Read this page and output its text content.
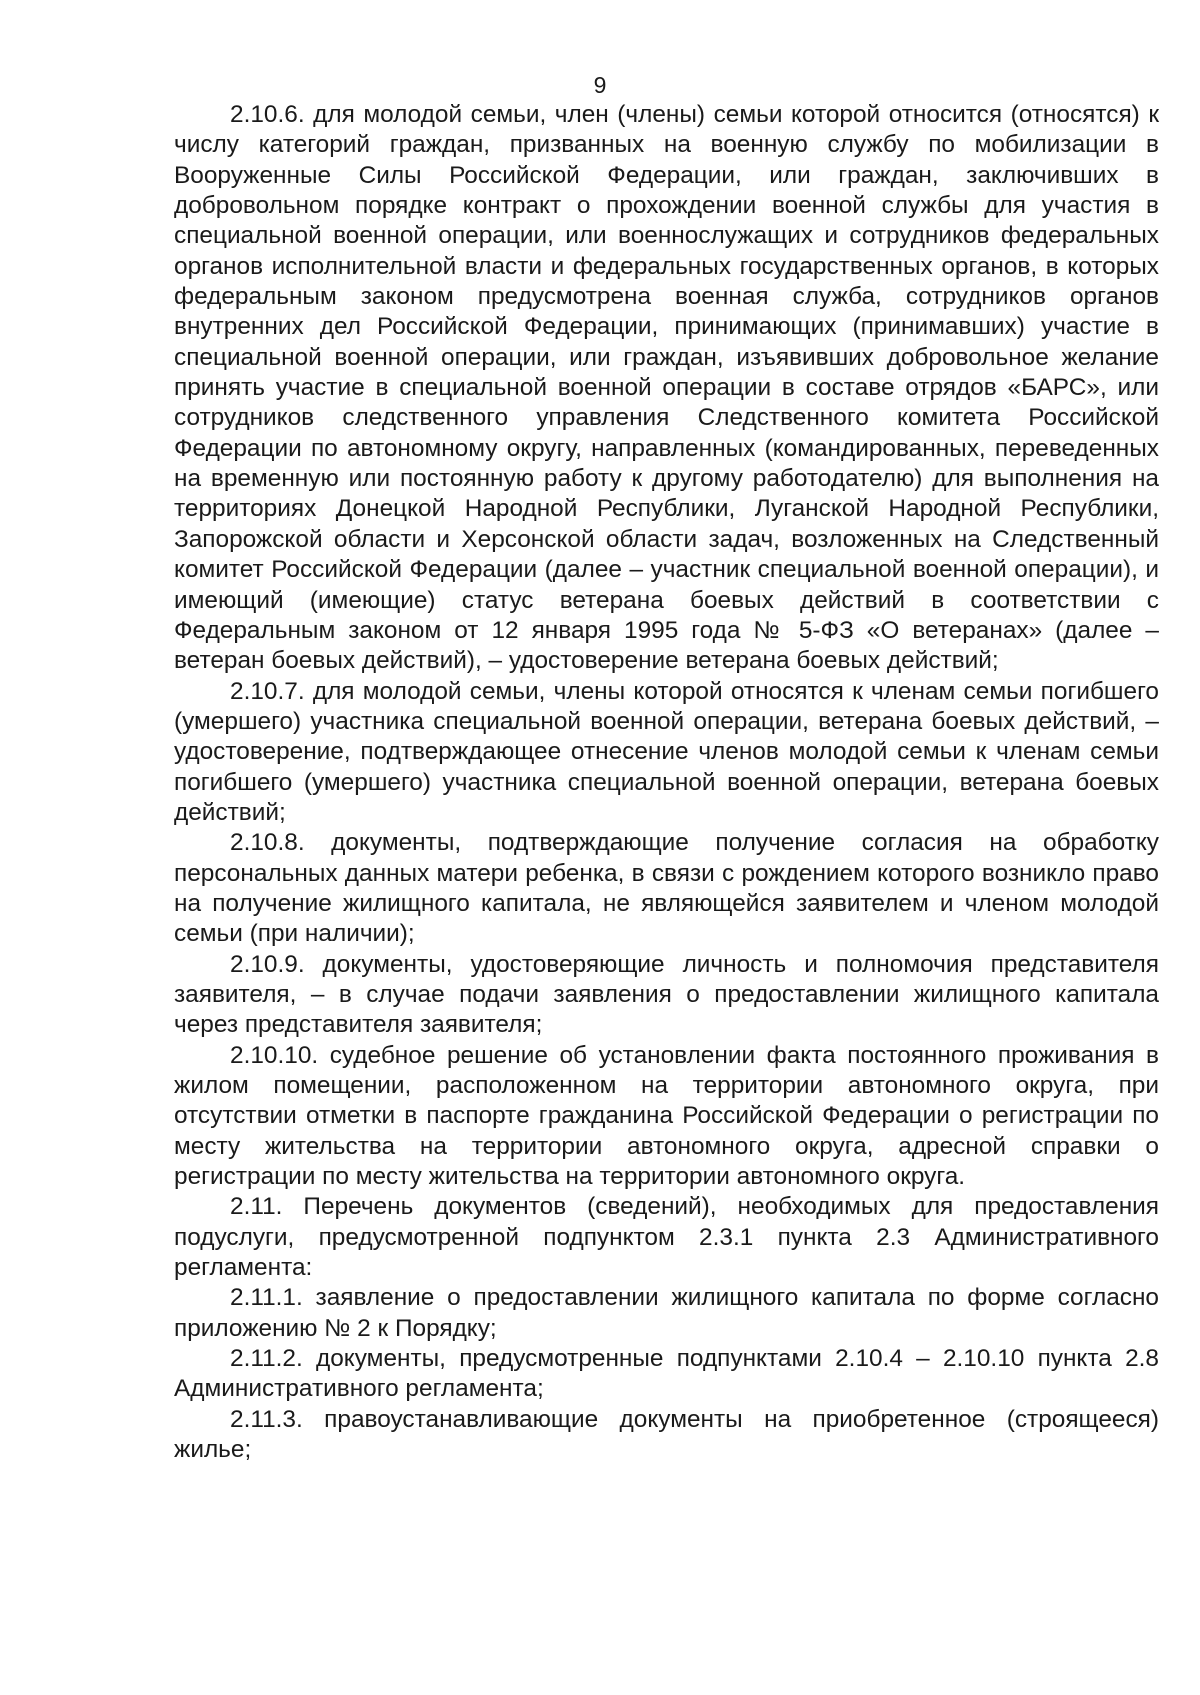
9

2.10.6. для молодой семьи, член (члены) семьи которой относится (относятся) к числу категорий граждан, призванных на военную службу по мобилизации в Вооруженные Силы Российской Федерации, или граждан, заключивших в добровольном порядке контракт о прохождении военной службы для участия в специальной военной операции, или военнослужащих и сотрудников федеральных органов исполнительной власти и федеральных государственных органов, в которых федеральным законом предусмотрена военная служба, сотрудников органов внутренних дел Российской Федерации, принимающих (принимавших) участие в специальной военной операции, или граждан, изъявивших добровольное желание принять участие в специальной военной операции в составе отрядов «БАРС», или сотрудников следственного управления Следственного комитета Российской Федерации по автономному округу, направленных (командированных, переведенных на временную или постоянную работу к другому работодателю) для выполнения на территориях Донецкой Народной Республики, Луганской Народной Республики, Запорожской области и Херсонской области задач, возложенных на Следственный комитет Российской Федерации (далее – участник специальной военной операции), и имеющий (имеющие) статус ветерана боевых действий в соответствии с Федеральным законом от 12 января 1995 года № 5-ФЗ «О ветеранах» (далее – ветеран боевых действий), – удостоверение ветерана боевых действий;

2.10.7. для молодой семьи, члены которой относятся к членам семьи погибшего (умершего) участника специальной военной операции, ветерана боевых действий, – удостоверение, подтверждающее отнесение членов молодой семьи к членам семьи погибшего (умершего) участника специальной военной операции, ветерана боевых действий;

2.10.8. документы, подтверждающие получение согласия на обработку персональных данных матери ребенка, в связи с рождением которого возникло право на получение жилищного капитала, не являющейся заявителем и членом молодой семьи (при наличии);

2.10.9. документы, удостоверяющие личность и полномочия представителя заявителя, – в случае подачи заявления о предоставлении жилищного капитала через представителя заявителя;

2.10.10. судебное решение об установлении факта постоянного проживания в жилом помещении, расположенном на территории автономного округа, при отсутствии отметки в паспорте гражданина Российской Федерации о регистрации по месту жительства на территории автономного округа, адресной справки о регистрации по месту жительства на территории автономного округа.

2.11. Перечень документов (сведений), необходимых для предоставления подуслуги, предусмотренной подпунктом 2.3.1 пункта 2.3 Административного регламента:

2.11.1. заявление о предоставлении жилищного капитала по форме согласно приложению № 2 к Порядку;

2.11.2. документы, предусмотренные подпунктами 2.10.4 – 2.10.10 пункта 2.8 Административного регламента;

2.11.3. правоустанавливающие документы на приобретенное (строящееся) жилье;
